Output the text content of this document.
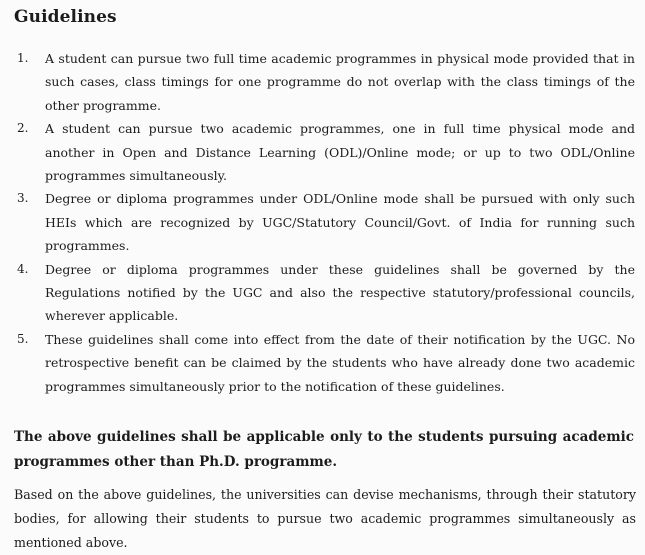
Guidelines
1. A student can pursue two full time academic programmes in physical mode provided that in such cases, class timings for one programme do not overlap with the class timings of the other programme.
2. A student can pursue two academic programmes, one in full time physical mode and another in Open and Distance Learning (ODL)/Online mode; or up to two ODL/Online programmes simultaneously.
3. Degree or diploma programmes under ODL/Online mode shall be pursued with only such HEIs which are recognized by UGC/Statutory Council/Govt. of India for running such programmes.
4. Degree or diploma programmes under these guidelines shall be governed by the Regulations notified by the UGC and also the respective statutory/professional councils, wherever applicable.
5. These guidelines shall come into effect from the date of their notification by the UGC. No retrospective benefit can be claimed by the students who have already done two academic programmes simultaneously prior to the notification of these guidelines.
The above guidelines shall be applicable only to the students pursuing academic programmes other than Ph.D. programme.
Based on the above guidelines, the universities can devise mechanisms, through their statutory bodies, for allowing their students to pursue two academic programmes simultaneously as mentioned above.
